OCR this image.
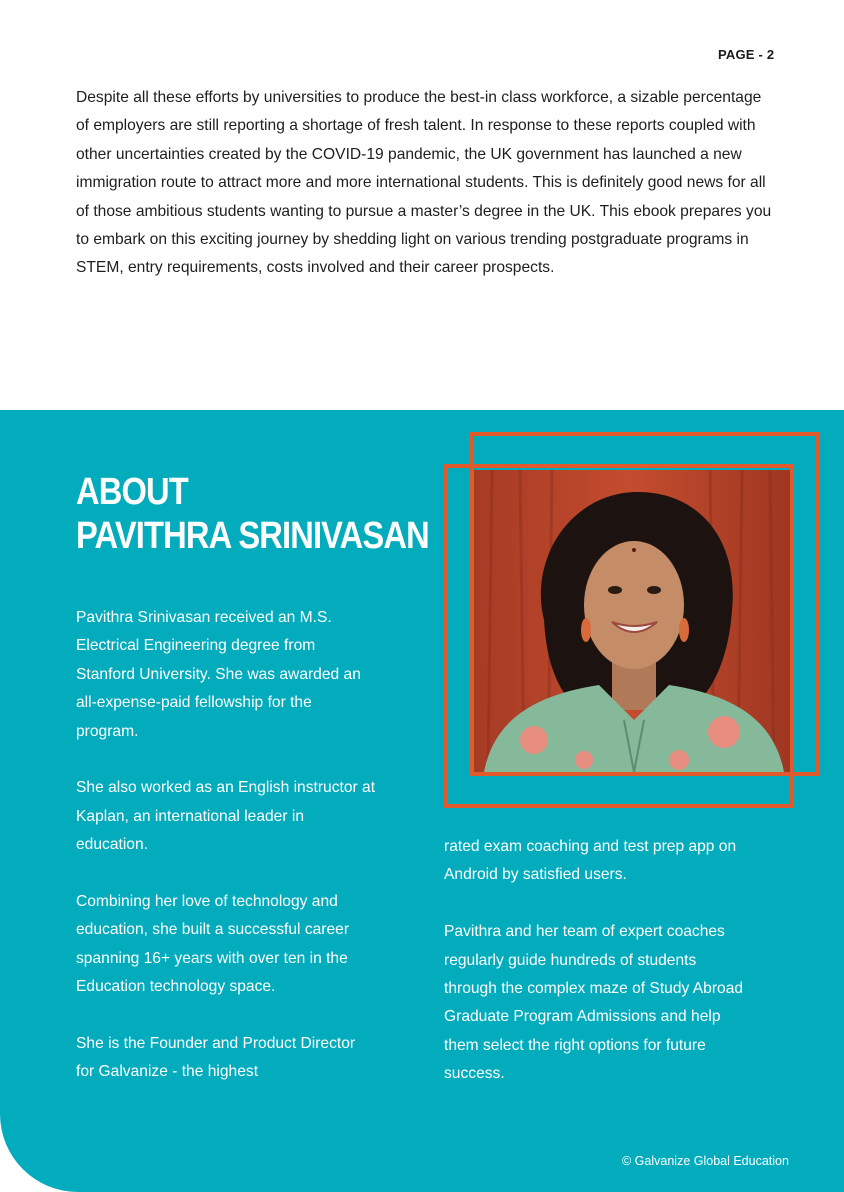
PAGE - 2

Despite all these efforts by universities to produce the best-in class workforce, a sizable percentage of employers are still reporting a shortage of fresh talent. In response to these reports coupled with other uncertainties created by the COVID-19 pandemic, the UK government has launched a new immigration route to attract more and more international students. This is definitely good news for all of those ambitious students wanting to pursue a master’s degree in the UK. This ebook prepares you to embark on this exciting journey by shedding light on various trending postgraduate programs in STEM, entry requirements, costs involved and their career prospects.

ABOUT
PAVITHRA SRINIVASAN

Pavithra Srinivasan received an M.S. Electrical Engineering degree from Stanford University. She was awarded an all-expense-paid fellowship for the program.

She also worked as an English instructor at Kaplan, an international leader in education.

Combining her love of technology and education, she built a successful career spanning 16+ years with over ten in the Education technology space.

She is the Founder and Product Director for Galvanize - the highest

rated exam coaching and test prep app on Android by satisfied users.

Pavithra and her team of expert coaches regularly guide hundreds of students through the complex maze of Study Abroad Graduate Program Admissions and help them select the right options for future success.

© Galvanize Global Education
